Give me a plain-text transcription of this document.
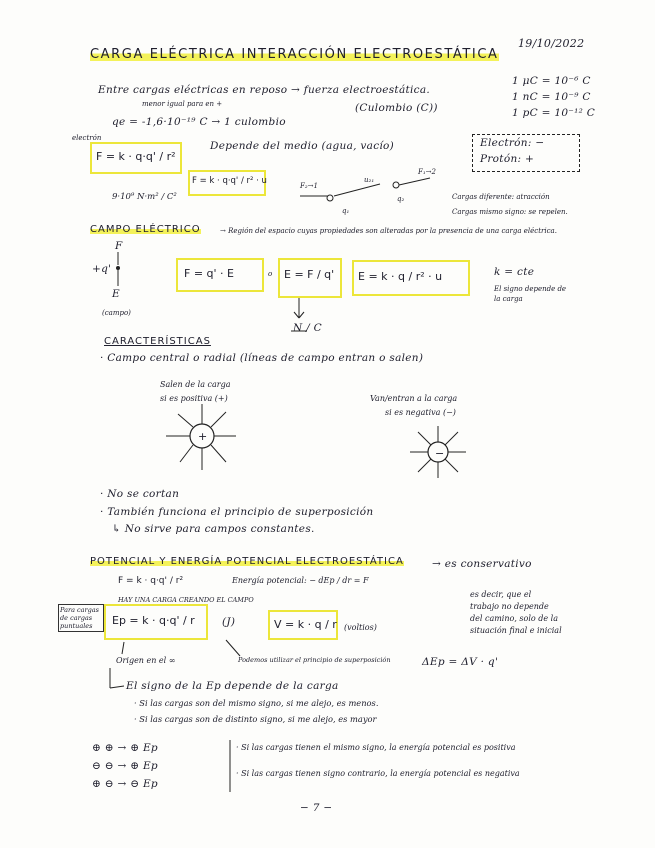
CARGA ELÉCTRICA INTERACCIÓN ELECTROESTÁTICA
19/10/2022
Entre cargas eléctricas en reposo → fuerza electroestática.
menor igual para en +	(Culombio (C))
qe = -1,6·10⁻¹⁹ C → 1 culombio
electrón
1 μC = 10⁻⁶ C
1 nC = 10⁻⁹ C
1 pC = 10⁻¹² C
Electrón: −
Protón: +
F = k · q·q' / r²
Depende del medio (agua, vacío)
F = k · q·q' / r² · u
9·10⁹ N·m² / C²
F₂→1
F₁→2
u₂₁
q₁
q₂	Cargas diferente: atracción
Cargas mismo signo: se repelen.
CAMPO ELÉCTRICO	→ Región del espacio cuyas propiedades son alteradas por la presencia de una carga eléctrica.
F
+q'
E
(campo)
F = q' · E	o E = F / q' E = k · q / r² · u
N / C
k = cte
El signo depende de la carga
CARACTERÍSTICAS
· Campo central o radial (líneas de campo entran o salen)
Salen de la carga
si es positiva (+)	Van/entran a la carga
si es negativa (−)
+
−
· No se cortan
· También funciona el principio de superposición
↳ No sirve para campos constantes.
POTENCIAL Y ENERGÍA POTENCIAL ELECTROESTÁTICA	→ es conservativo
F = k · q·q' / r²	Energía potencial: − dEp / dr = F
HAY UNA CARGA CREANDO EL CAMPO
Para cargas de cargas puntuales	Ep = k · q·q' / r	(J)	V = k · q / r (voltios)
es decir, que el
trabajo no depende
del camino, solo de la
situación final e inicial
Origen en el ∞	Podemos utilizar el principio de superposición	ΔEp = ΔV · q'
El signo de la Ep depende de la carga
· Si las cargas son del mismo signo, si me alejo, es menos.
· Si las cargas son de distinto signo, si me alejo, es mayor
⊕ ⊕ → ⊕ Ep
⊖ ⊖ → ⊕ Ep
⊕ ⊖ → ⊖ Ep
· Si las cargas tienen el mismo signo, la energía potencial es positiva
· Si las cargas tienen signo contrario, la energía potencial es negativa
− 7 −
